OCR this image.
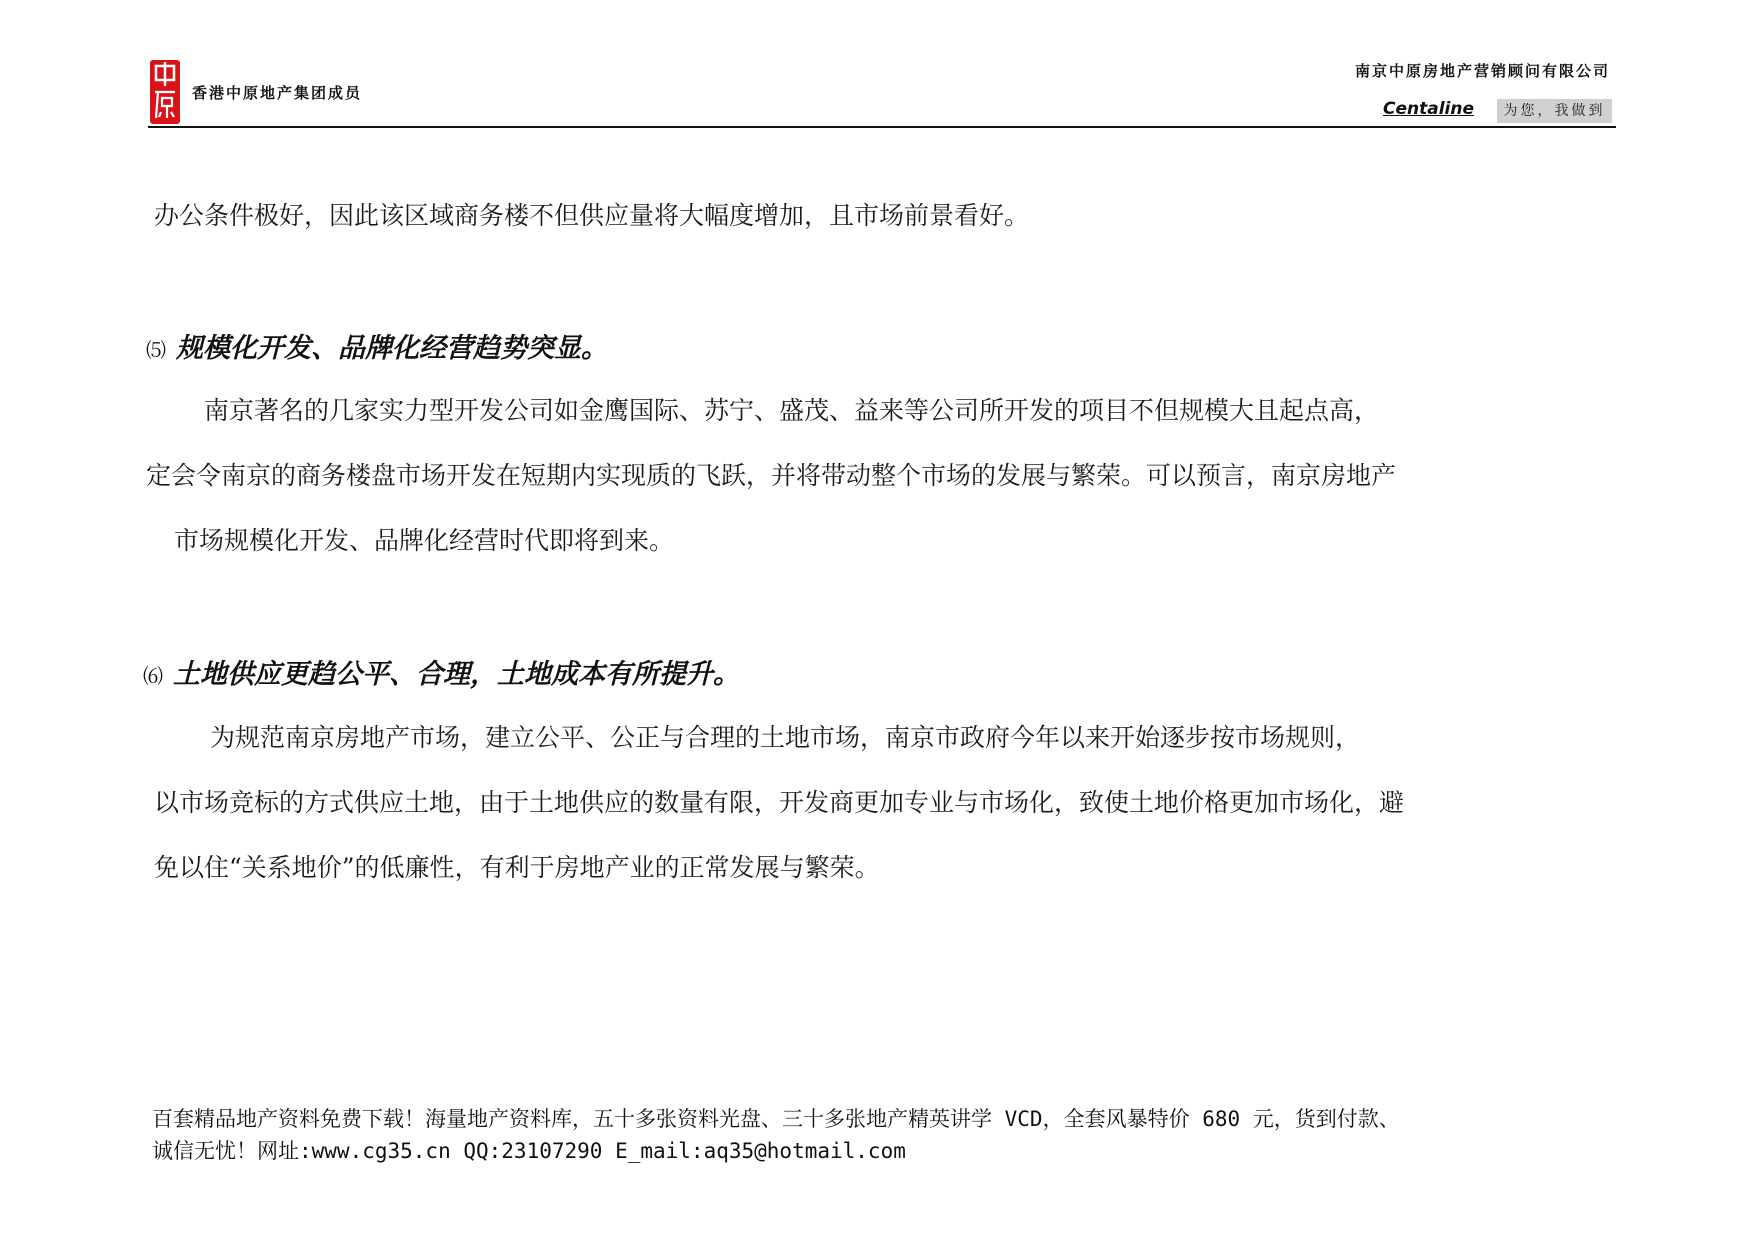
香港中原地产集团成员
南京中原房地产营销顾问有限公司
Centaline	为您，我做到
办公条件极好，因此该区域商务楼不但供应量将大幅度增加，且市场前景看好。
⑸ 规模化开发、品牌化经营趋势突显。
南京著名的几家实力型开发公司如金鹰国际、苏宁、盛茂、益来等公司所开发的项目不但规模大且起点高，
定会令南京的商务楼盘市场开发在短期内实现质的飞跃，并将带动整个市场的发展与繁荣。可以预言，南京房地产
市场规模化开发、品牌化经营时代即将到来。
⑹ 土地供应更趋公平、合理，土地成本有所提升。
为规范南京房地产市场，建立公平、公正与合理的土地市场，南京市政府今年以来开始逐步按市场规则，
以市场竞标的方式供应土地，由于土地供应的数量有限，开发商更加专业与市场化，致使土地价格更加市场化，避
免以住“关系地价”的低廉性，有利于房地产业的正常发展与繁荣。
百套精品地产资料免费下载！海量地产资料库，五十多张资料光盘、三十多张地产精英讲学 VCD，全套风暴特价 680 元，货到付款、
诚信无忧！网址:www.cg35.cn QQ:23107290 E_mail:aq35@hotmail.com
